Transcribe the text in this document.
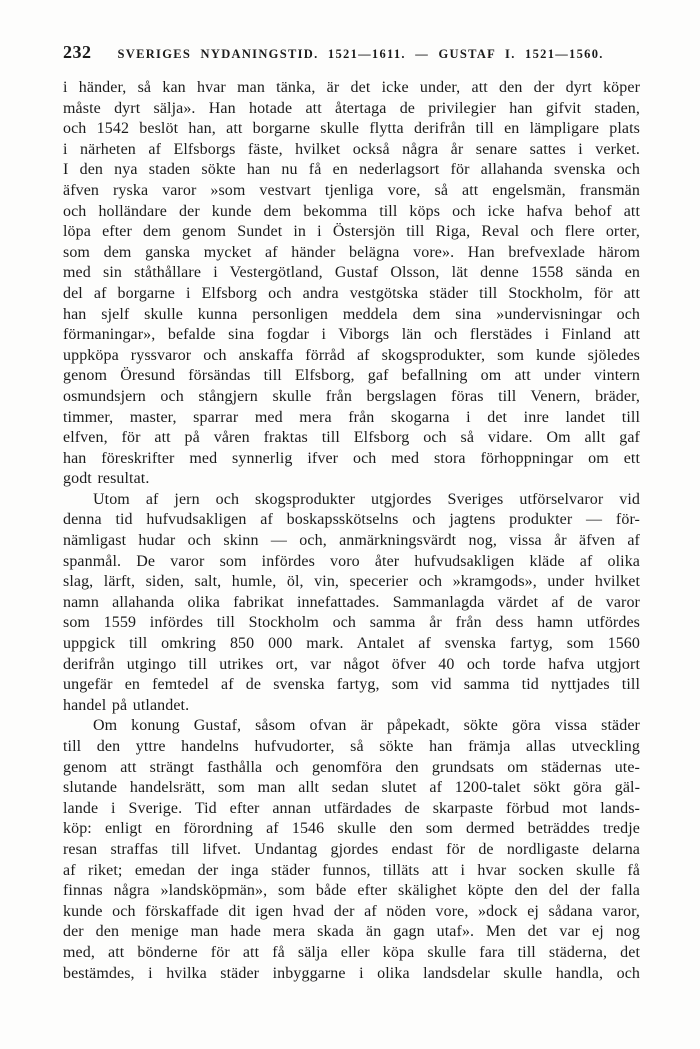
232 SVERIGES NYDANINGSTID. 1521—1611. — GUSTAF I. 1521—1560.
i händer, så kan hvar man tänka, är det icke under, att den der dyrt köper
måste dyrt sälja». Han hotade att återtaga de privilegier han gifvit staden,
och 1542 beslöt han, att borgarne skulle flytta derifrån till en lämpligare plats
i närheten af Elfsborgs fäste, hvilket också några år senare sattes i verket.
I den nya staden sökte han nu få en nederlagsort för allahanda svenska och
äfven ryska varor »som vestvart tjenliga vore, så att engelsmän, fransmän
och holländare der kunde dem bekomma till köps och icke hafva behof att
löpa efter dem genom Sundet in i Östersjön till Riga, Reval och flere orter,
som dem ganska mycket af händer belägna vore». Han brefvexlade härom
med sin ståthållare i Vestergötland, Gustaf Olsson, lät denne 1558 sända en
del af borgarne i Elfsborg och andra vestgötska städer till Stockholm, för att
han sjelf skulle kunna personligen meddela dem sina »undervisningar och
förmaningar», befalde sina fogdar i Viborgs län och flerstädes i Finland att
uppköpa ryssvaror och anskaffa förråd af skogsprodukter, som kunde sjöledes
genom Öresund försändas till Elfsborg, gaf befallning om att under vintern
osmundsjern och stångjern skulle från bergslagen föras till Venern, bräder,
timmer, master, sparrar med mera från skogarna i det inre landet till
elfven, för att på våren fraktas till Elfsborg och så vidare. Om allt gaf
han föreskrifter med synnerlig ifver och med stora förhoppningar om ett
godt resultat.
Utom af jern och skogsprodukter utgjordes Sveriges utförselvaror vid
denna tid hufvudsakligen af boskapsskötselns och jagtens produkter — för-
nämligast hudar och skinn — och, anmärkningsvärdt nog, vissa år äfven af
spanmål. De varor som infördes voro åter hufvudsakligen kläde af olika
slag, lärft, siden, salt, humle, öl, vin, specerier och »kramgods», under hvilket
namn allahanda olika fabrikat innefattades. Sammanlagda värdet af de varor
som 1559 infördes till Stockholm och samma år från dess hamn utfördes
uppgick till omkring 850 000 mark. Antalet af svenska fartyg, som 1560
derifrån utgingo till utrikes ort, var något öfver 40 och torde hafva utgjort
ungefär en femtedel af de svenska fartyg, som vid samma tid nyttjades till
handel på utlandet.
Om konung Gustaf, såsom ofvan är påpekadt, sökte göra vissa städer
till den yttre handelns hufvudorter, så sökte han främja allas utveckling
genom att strängt fasthålla och genomföra den grundsats om städernas ute-
slutande handelsrätt, som man allt sedan slutet af 1200-talet sökt göra gäl-
lande i Sverige. Tid efter annan utfärdades de skarpaste förbud mot lands-
köp: enligt en förordning af 1546 skulle den som dermed beträddes tredje
resan straffas till lifvet. Undantag gjordes endast för de nordligaste delarna
af riket; emedan der inga städer funnos, tilläts att i hvar socken skulle få
finnas några »landsköpmän», som både efter skälighet köpte den del der falla
kunde och förskaffade dit igen hvad der af nöden vore, »dock ej sådana varor,
der den menige man hade mera skada än gagn utaf». Men det var ej nog
med, att bönderne för att få sälja eller köpa skulle fara till städerna, det
bestämdes, i hvilka städer inbyggarne i olika landsdelar skulle handla, och
